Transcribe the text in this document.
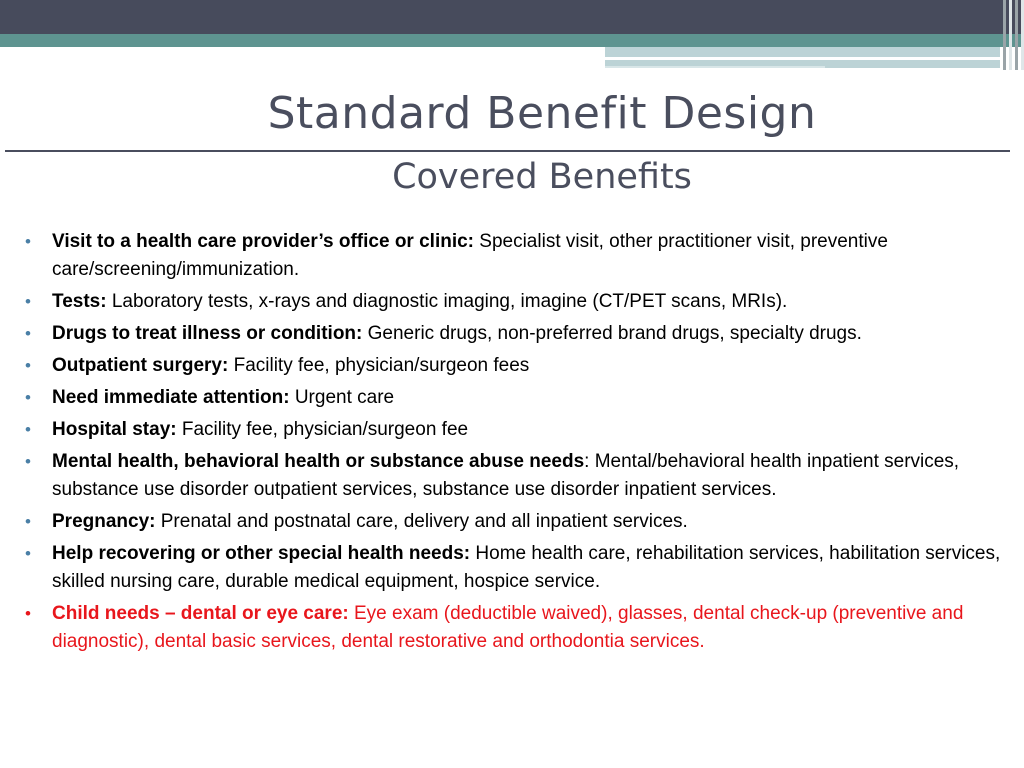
Standard Benefit Design
Covered Benefits
• Visit to a health care provider’s office or clinic: Specialist visit, other practitioner visit, preventive care/screening/immunization.
• Tests: Laboratory tests, x-rays and diagnostic imaging, imagine (CT/PET scans, MRIs).
• Drugs to treat illness or condition: Generic drugs, non-preferred brand drugs, specialty drugs.
• Outpatient surgery: Facility fee, physician/surgeon fees
• Need immediate attention: Urgent care
• Hospital stay: Facility fee, physician/surgeon fee
• Mental health, behavioral health or substance abuse needs: Mental/behavioral health inpatient services, substance use disorder outpatient services, substance use disorder inpatient services.
• Pregnancy: Prenatal and postnatal care, delivery and all inpatient services.
• Help recovering or other special health needs: Home health care, rehabilitation services, habilitation services, skilled nursing care, durable medical equipment, hospice service.
• Child needs – dental or eye care: Eye exam (deductible waived), glasses, dental check-up (preventive and diagnostic), dental basic services, dental restorative and orthodontia services.
